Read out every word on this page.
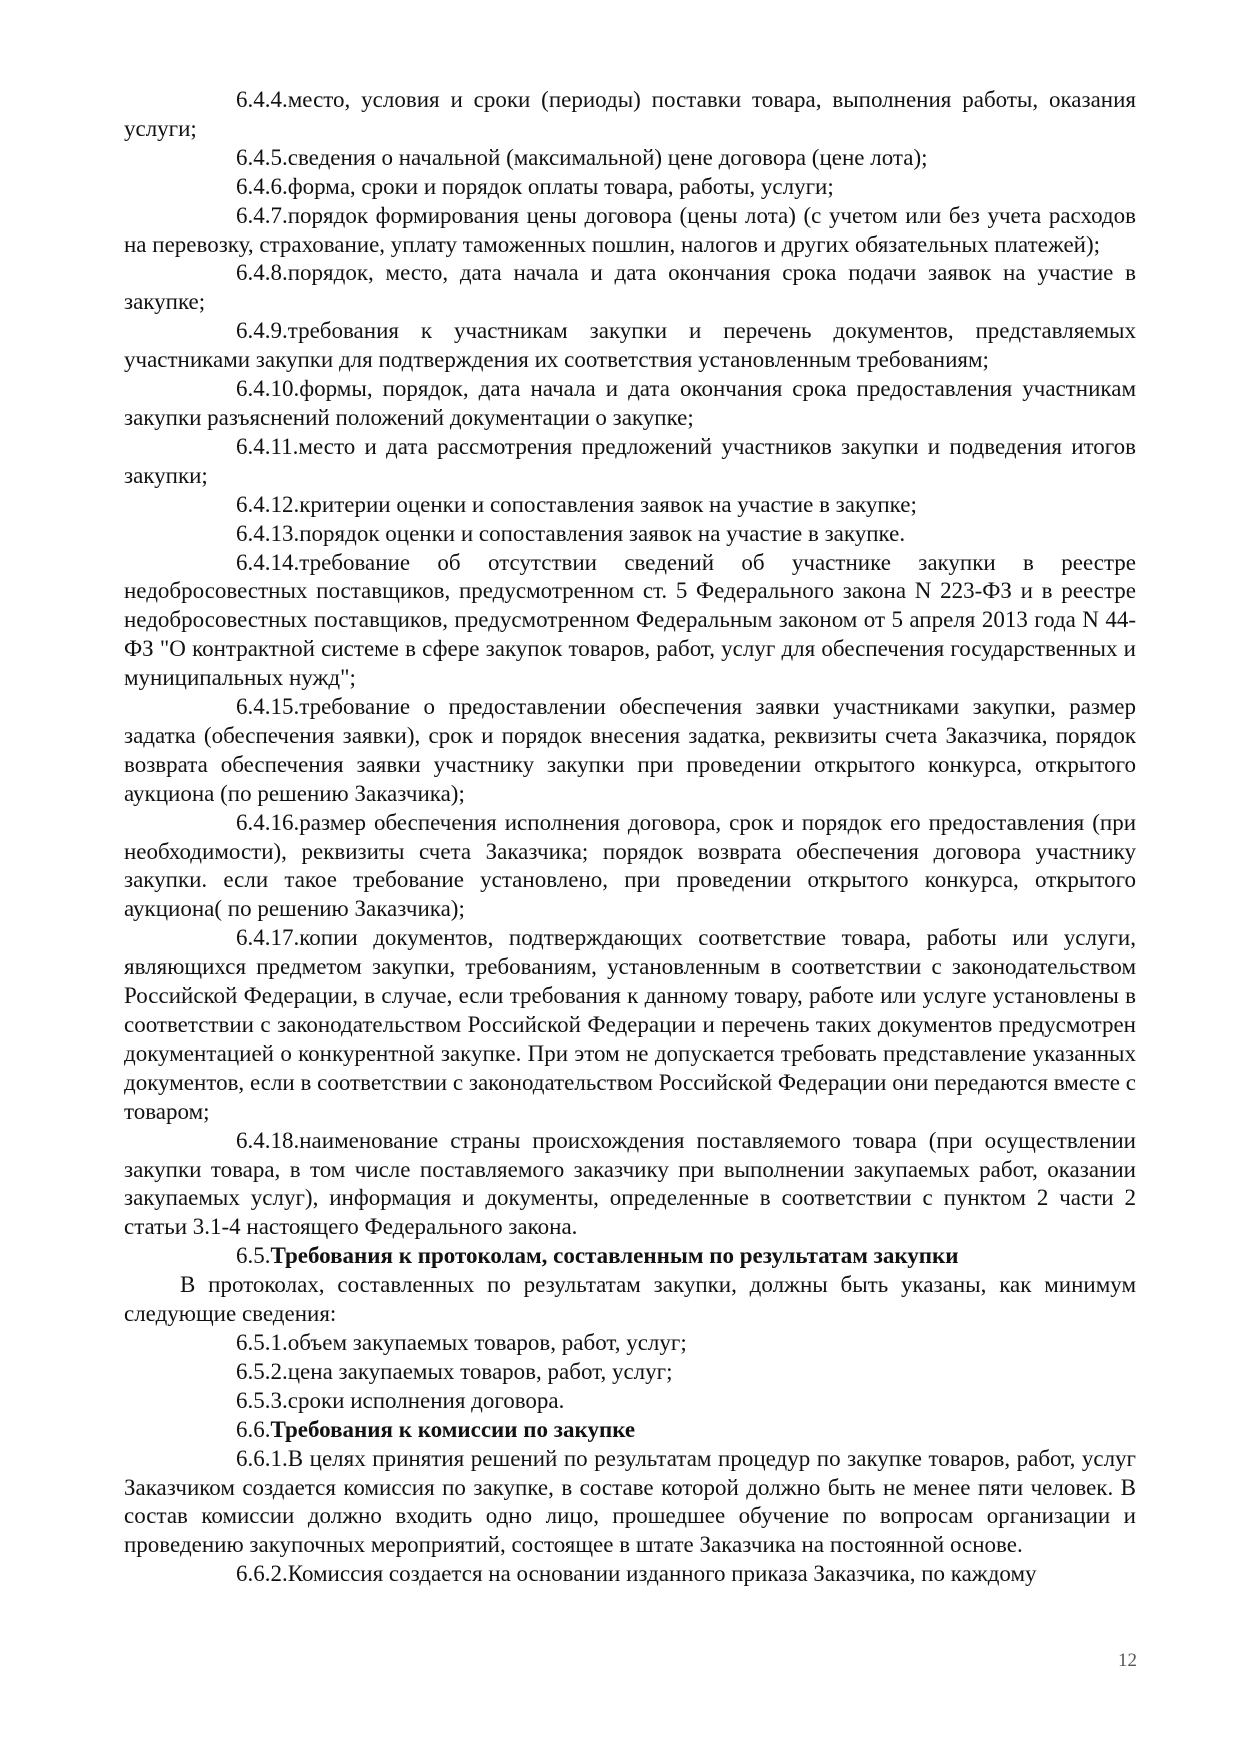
6.4.4.место, условия и сроки (периоды) поставки товара, выполнения работы, оказания услуги;

6.4.5.сведения о начальной (максимальной) цене договора (цене лота);

6.4.6.форма, сроки и порядок оплаты товара, работы, услуги;

6.4.7.порядок формирования цены договора (цены лота) (с учетом или без учета расходов на перевозку, страхование, уплату таможенных пошлин, налогов и других обязательных платежей);

6.4.8.порядок, место, дата начала и дата окончания срока подачи заявок на участие в закупке;

6.4.9.требования к участникам закупки и перечень документов, представляемых участниками закупки для подтверждения их соответствия установленным требованиям;

6.4.10.формы, порядок, дата начала и дата окончания срока предоставления участникам закупки разъяснений положений документации о закупке;

6.4.11.место и дата рассмотрения предложений участников закупки и подведения итогов закупки;

6.4.12.критерии оценки и сопоставления заявок на участие в закупке;

6.4.13.порядок оценки и сопоставления заявок на участие в закупке.

6.4.14.требование об отсутствии сведений об участнике закупки в реестре недобросовестных поставщиков, предусмотренном ст. 5 Федерального закона N 223-ФЗ и в реестре недобросовестных поставщиков, предусмотренном Федеральным законом от 5 апреля 2013 года N 44-ФЗ "О контрактной системе в сфере закупок товаров, работ, услуг для обеспечения государственных и муниципальных нужд";

6.4.15.требование о предоставлении обеспечения заявки участниками закупки, размер задатка (обеспечения заявки), срок и порядок внесения задатка, реквизиты счета Заказчика, порядок возврата обеспечения заявки участнику закупки при проведении открытого конкурса, открытого аукциона (по решению Заказчика);

6.4.16.размер обеспечения исполнения договора, срок и порядок его предоставления (при необходимости), реквизиты счета Заказчика; порядок возврата обеспечения договора участнику закупки. если такое требование установлено, при проведении открытого конкурса, открытого аукциона( по решению Заказчика);

6.4.17.копии документов, подтверждающих соответствие товара, работы или услуги, являющихся предметом закупки, требованиям, установленным в соответствии с законодательством Российской Федерации, в случае, если требования к данному товару, работе или услуге установлены в соответствии с законодательством Российской Федерации и перечень таких документов предусмотрен документацией о конкурентной закупке. При этом не допускается требовать представление указанных документов, если в соответствии с законодательством Российской Федерации они передаются вместе с товаром;

6.4.18.наименование страны происхождения поставляемого товара (при осуществлении закупки товара, в том числе поставляемого заказчику при выполнении закупаемых работ, оказании закупаемых услуг), информация и документы, определенные в соответствии с пунктом 2 части 2 статьи 3.1-4 настоящего Федерального закона.

6.5.Требования к протоколам, составленным по результатам закупки

В протоколах, составленных по результатам закупки, должны быть указаны, как минимум следующие сведения:

6.5.1.объем закупаемых товаров, работ, услуг;

6.5.2.цена закупаемых товаров, работ, услуг;

6.5.3.сроки исполнения договора.

6.6.Требования к комиссии по закупке

6.6.1.В целях принятия решений по результатам процедур по закупке товаров, работ, услуг Заказчиком создается комиссия по закупке, в составе которой должно быть не менее пяти человек. В состав комиссии должно входить одно лицо, прошедшее обучение по вопросам организации и проведению закупочных мероприятий, состоящее в штате Заказчика на постоянной основе.

6.6.2.Комиссия создается на основании изданного приказа Заказчика, по каждому

12
